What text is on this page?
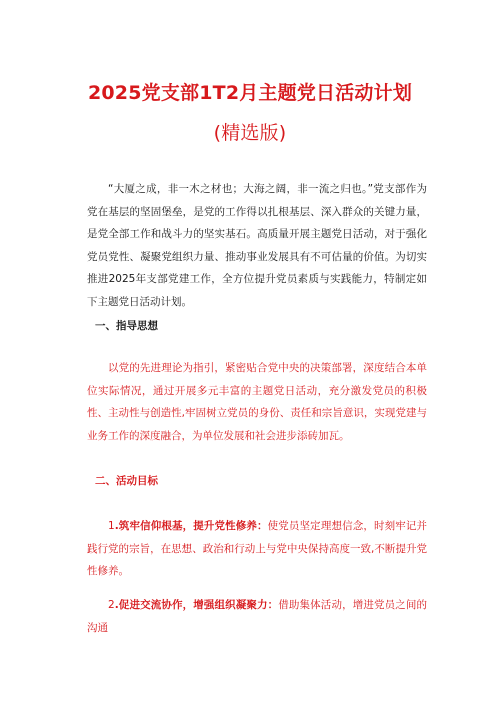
2025党支部1T2月主题党日活动计划
(精选版)
“大厦之成，非一木之材也；大海之阔，非一流之归也。”党支部作为党在基层的坚固堡垒，是党的工作得以扎根基层、深入群众的关键力量，是党全部工作和战斗力的坚实基石。高质量开展主题党日活动，对于强化党员党性、凝聚党组织力量、推动事业发展具有不可估量的价值。为切实推进2025年支部党建工作，全方位提升党员素质与实践能力，特制定如下主题党日活动计划。
一、指导思想
以党的先进理论为指引，紧密贴合党中央的决策部署，深度结合本单位实际情况，通过开展多元丰富的主题党日活动，充分激发党员的积极性、主动性与创造性,牢固树立党员的身份、责任和宗旨意识，实现党建与业务工作的深度融合，为单位发展和社会进步添砖加瓦。
二、活动目标
1.筑牢信仰根基，提升党性修养：使党员坚定理想信念，时刻牢记并践行党的宗旨，在思想、政治和行动上与党中央保持高度一致,不断提升党性修养。
2.促进交流协作，增强组织凝聚力：借助集体活动，增进党员之间的沟通
